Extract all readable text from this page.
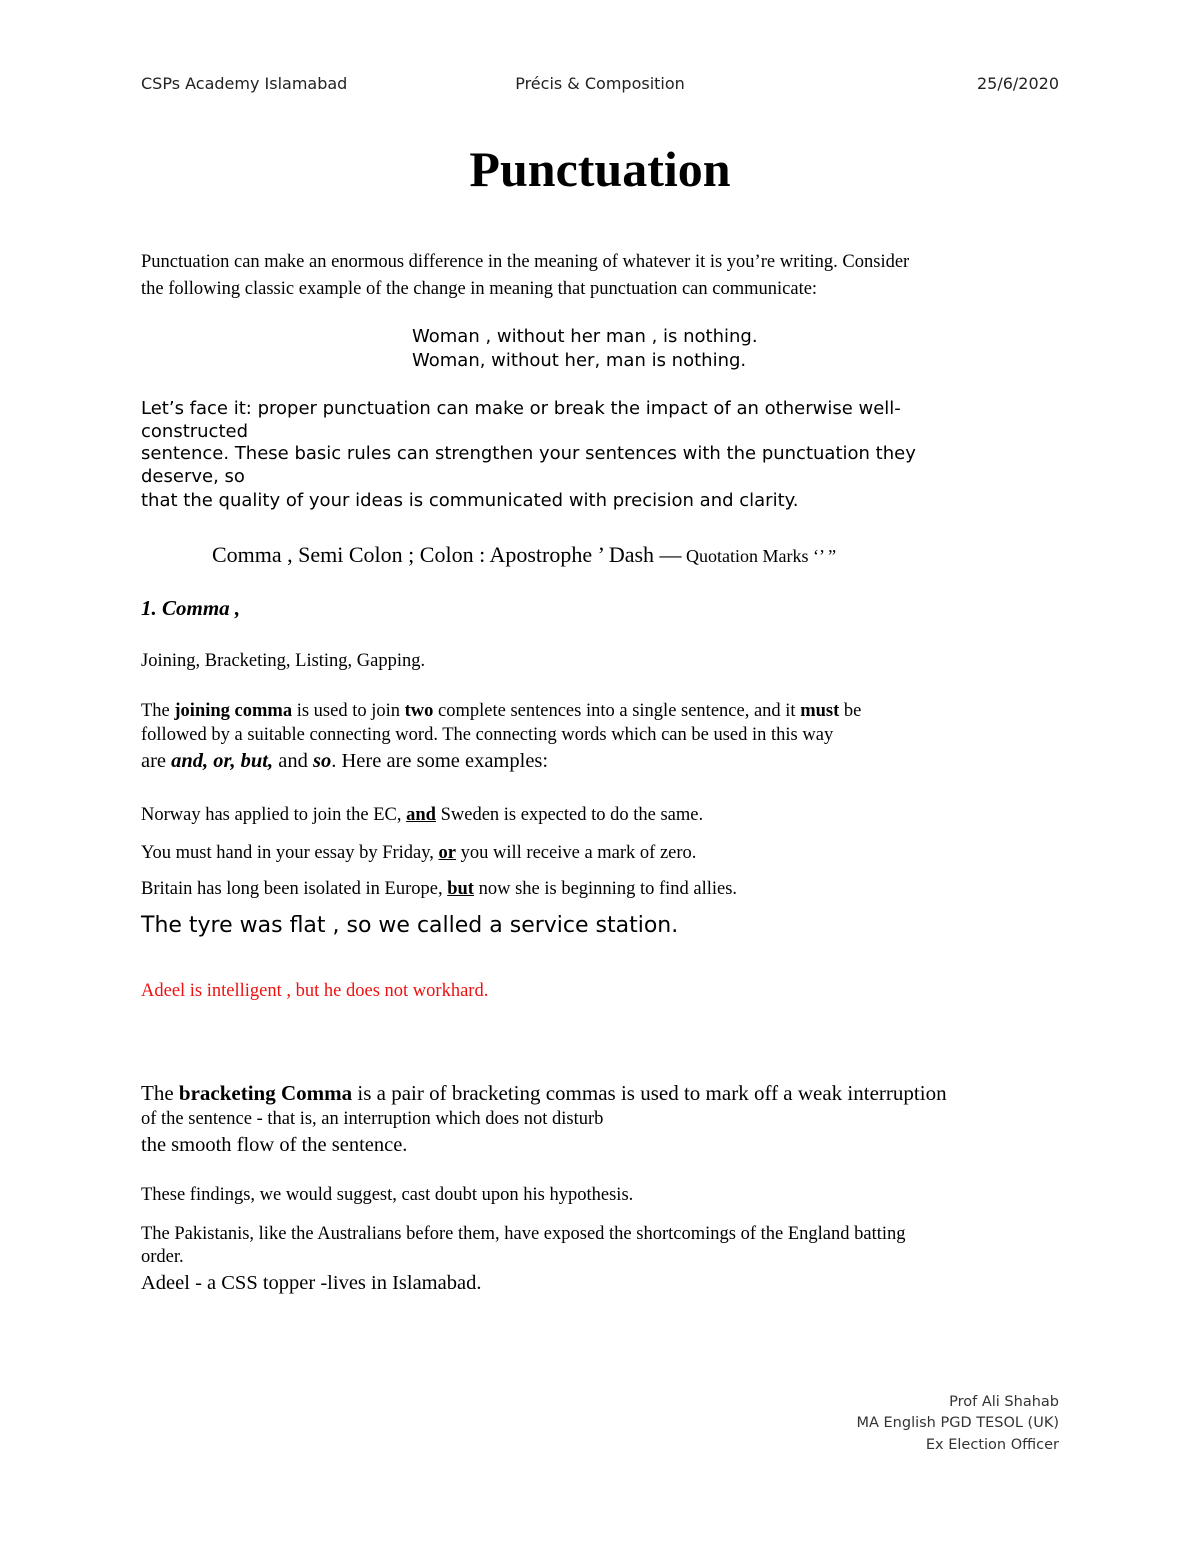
CSPs Academy Islamabad	Précis & Composition	25/6/2020
Punctuation
Punctuation can make an enormous difference in the meaning of whatever it is you’re writing. Consider
the following classic example of the change in meaning that punctuation can communicate:
Woman , without her man , is nothing.
Woman, without her, man is nothing.
Let’s face it: proper punctuation can make or break the impact of an otherwise well-
constructed
sentence. These basic rules can strengthen your sentences with the punctuation they
deserve, so
that the quality of your ideas is communicated with precision and clarity.
Comma , Semi Colon ; Colon : Apostrophe ’ Dash — Quotation Marks ‘’ ”
1. Comma ,
Joining, Bracketing, Listing, Gapping.
The joining comma is used to join two complete sentences into a single sentence, and it must be
followed by a suitable connecting word. The connecting words which can be used in this way
are and, or, but, and so. Here are some examples:
Norway has applied to join the EC, and Sweden is expected to do the same.
You must hand in your essay by Friday, or you will receive a mark of zero.
Britain has long been isolated in Europe, but now she is beginning to find allies.
The tyre was flat , so we called a service station.
Adeel is intelligent , but he does not workhard.
The bracketing Comma is a pair of bracketing commas is used to mark off a weak interruption
of the sentence - that is, an interruption which does not disturb
the smooth flow of the sentence.
These findings, we would suggest, cast doubt upon his hypothesis.
The Pakistanis, like the Australians before them, have exposed the shortcomings of the England batting
order.
Adeel - a CSS topper -lives in Islamabad.
Prof Ali Shahab
MA English PGD TESOL (UK)
Ex Election Officer
